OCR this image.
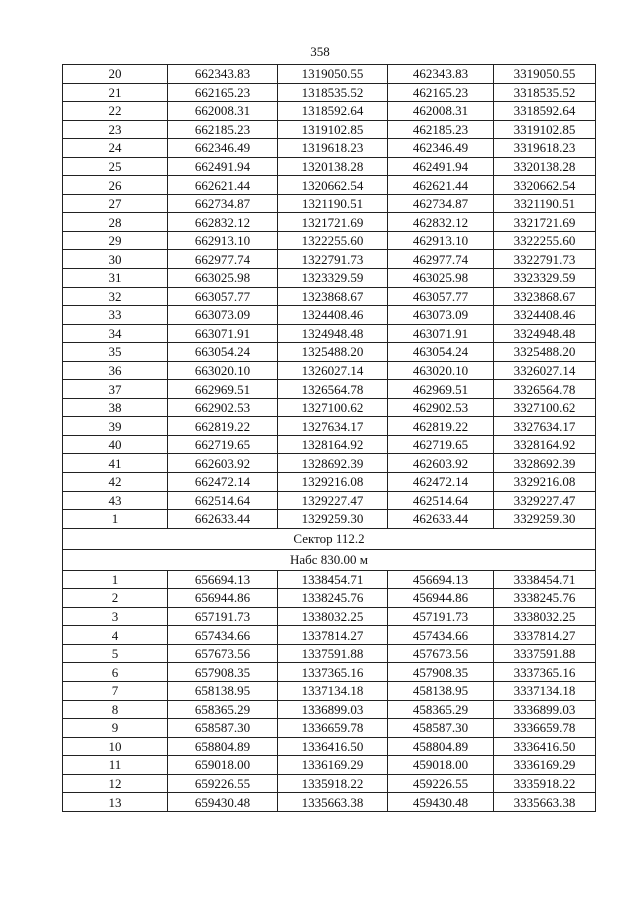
358
20	662343.83	1319050.55	462343.83	3319050.55
21	662165.23	1318535.52	462165.23	3318535.52
22	662008.31	1318592.64	462008.31	3318592.64
23	662185.23	1319102.85	462185.23	3319102.85
24	662346.49	1319618.23	462346.49	3319618.23
25	662491.94	1320138.28	462491.94	3320138.28
26	662621.44	1320662.54	462621.44	3320662.54
27	662734.87	1321190.51	462734.87	3321190.51
28	662832.12	1321721.69	462832.12	3321721.69
29	662913.10	1322255.60	462913.10	3322255.60
30	662977.74	1322791.73	462977.74	3322791.73
31	663025.98	1323329.59	463025.98	3323329.59
32	663057.77	1323868.67	463057.77	3323868.67
33	663073.09	1324408.46	463073.09	3324408.46
34	663071.91	1324948.48	463071.91	3324948.48
35	663054.24	1325488.20	463054.24	3325488.20
36	663020.10	1326027.14	463020.10	3326027.14
37	662969.51	1326564.78	462969.51	3326564.78
38	662902.53	1327100.62	462902.53	3327100.62
39	662819.22	1327634.17	462819.22	3327634.17
40	662719.65	1328164.92	462719.65	3328164.92
41	662603.92	1328692.39	462603.92	3328692.39
42	662472.14	1329216.08	462472.14	3329216.08
43	662514.64	1329227.47	462514.64	3329227.47
1	662633.44	1329259.30	462633.44	3329259.30
Сектор 112.2				
Набс 830.00 м				
1	656694.13	1338454.71	456694.13	3338454.71
2	656944.86	1338245.76	456944.86	3338245.76
3	657191.73	1338032.25	457191.73	3338032.25
4	657434.66	1337814.27	457434.66	3337814.27
5	657673.56	1337591.88	457673.56	3337591.88
6	657908.35	1337365.16	457908.35	3337365.16
7	658138.95	1337134.18	458138.95	3337134.18
8	658365.29	1336899.03	458365.29	3336899.03
9	658587.30	1336659.78	458587.30	3336659.78
10	658804.89	1336416.50	458804.89	3336416.50
11	659018.00	1336169.29	459018.00	3336169.29
12	659226.55	1335918.22	459226.55	3335918.22
13	659430.48	1335663.38	459430.48	3335663.38
